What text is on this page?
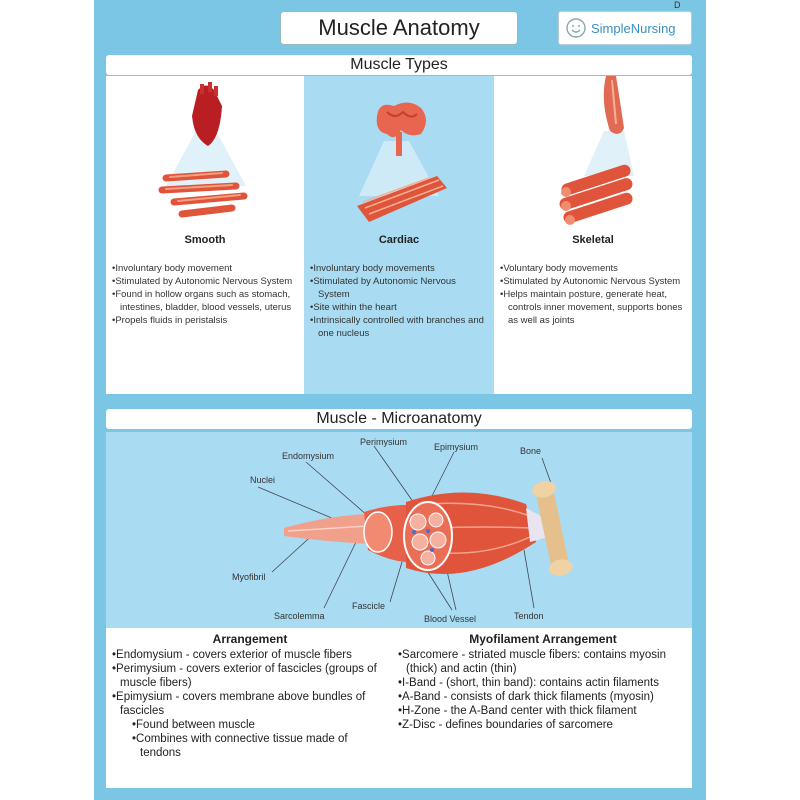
Muscle Anatomy
D
SimpleNursing
Muscle Types
Smooth
• Involuntary body movement
• Stimulated by Autonomic Nervous System
• Found in hollow organs such as stomach, intestines, bladder, blood vessels, uterus
• Propels fluids in peristalsis
Cardiac
• Involuntary body movements
• Stimulated by Autonomic Nervous System
• Site within the heart
• Intrinsically controlled with branches and one nucleus
Skeletal
• Voluntary body movements
• Stimulated by Autonomic Nervous System
• Helps maintain posture, generate heat, controls inner movement, supports bones as well as joints
Muscle - Microanatomy
Perimysium	Epimysium
Endomysium	Bone
Nuclei
Myofibril
Sarcolemma
Fascicle
Blood Vessel	Tendon
Arrangement
• Endomysium - covers exterior of muscle fibers
• Perimysium - covers exterior of fascicles (groups of muscle fibers)
• Epimysium - covers membrane above bundles of fascicles
• Found between muscle
• Combines with connective tissue made of tendons
Myofilament Arrangement
• Sarcomere - striated muscle fibers: contains myosin (thick) and actin (thin)
• I-Band - (short, thin band): contains actin filaments
• A-Band - consists of dark thick filaments (myosin)
• H-Zone - the A-Band center with thick filament
• Z-Disc - defines boundaries of sarcomere
